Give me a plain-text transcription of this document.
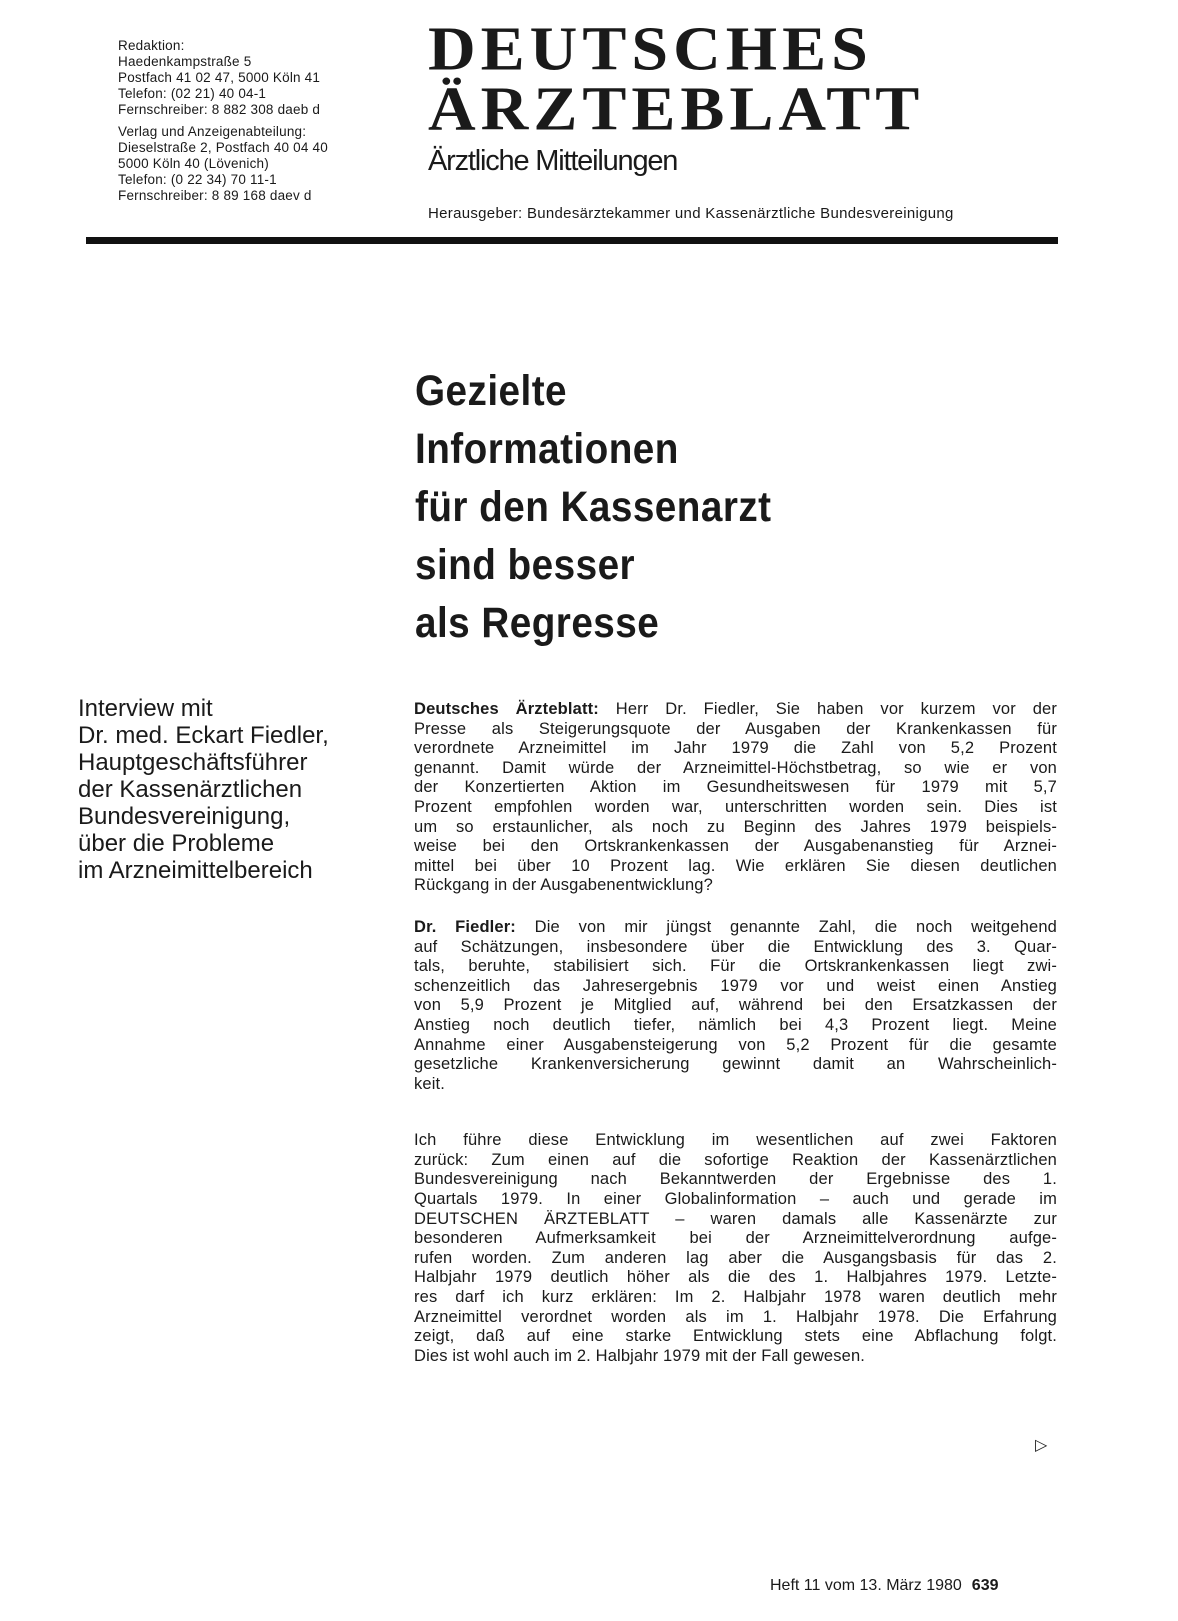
Redaktion:
Haedenkampstraße 5
Postfach 41 02 47, 5000 Köln 41
Telefon: (02 21) 40 04-1
Fernschreiber: 8 882 308 daeb d
Verlag und Anzeigenabteilung:
Dieselstraße 2, Postfach 40 04 40
5000 Köln 40 (Lövenich)
Telefon: (0 22 34) 70 11-1
Fernschreiber: 8 89 168 daev d
DEUTSCHES
ÄRZTEBLATT
Ärztliche Mitteilungen
Herausgeber: Bundesärztekammer und Kassenärztliche Bundesvereinigung
Gezielte
Informationen
für den Kassenarzt
sind besser
als Regresse
Interview mit
Dr. med. Eckart Fiedler,
Hauptgeschäftsführer
der Kassenärztlichen
Bundesvereinigung,
über die Probleme
im Arzneimittelbereich
Deutsches Ärzteblatt: Herr Dr. Fiedler, Sie haben vor kurzem vor der
Presse als Steigerungsquote der Ausgaben der Krankenkassen für
verordnete Arzneimittel im Jahr 1979 die Zahl von 5,2 Prozent
genannt. Damit würde der Arzneimittel-Höchstbetrag, so wie er von
der Konzertierten Aktion im Gesundheitswesen für 1979 mit 5,7
Prozent empfohlen worden war, unterschritten worden sein. Dies ist
um so erstaunlicher, als noch zu Beginn des Jahres 1979 beispiels-
weise bei den Ortskrankenkassen der Ausgabenanstieg für Arznei-
mittel bei über 10 Prozent lag. Wie erklären Sie diesen deutlichen
Rückgang in der Ausgabenentwicklung?
Dr. Fiedler: Die von mir jüngst genannte Zahl, die noch weitgehend
auf Schätzungen, insbesondere über die Entwicklung des 3. Quar-
tals, beruhte, stabilisiert sich. Für die Ortskrankenkassen liegt zwi-
schenzeitlich das Jahresergebnis 1979 vor und weist einen Anstieg
von 5,9 Prozent je Mitglied auf, während bei den Ersatzkassen der
Anstieg noch deutlich tiefer, nämlich bei 4,3 Prozent liegt. Meine
Annahme einer Ausgabensteigerung von 5,2 Prozent für die gesamte
gesetzliche Krankenversicherung gewinnt damit an Wahrscheinlich-
keit.
Ich führe diese Entwicklung im wesentlichen auf zwei Faktoren
zurück: Zum einen auf die sofortige Reaktion der Kassenärztlichen
Bundesvereinigung nach Bekanntwerden der Ergebnisse des 1.
Quartals 1979. In einer Globalinformation – auch und gerade im
DEUTSCHEN ÄRZTEBLATT – waren damals alle Kassenärzte zur
besonderen Aufmerksamkeit bei der Arzneimittelverordnung aufge-
rufen worden. Zum anderen lag aber die Ausgangsbasis für das 2.
Halbjahr 1979 deutlich höher als die des 1. Halbjahres 1979. Letzte-
res darf ich kurz erklären: Im 2. Halbjahr 1978 waren deutlich mehr
Arzneimittel verordnet worden als im 1. Halbjahr 1978. Die Erfahrung
zeigt, daß auf eine starke Entwicklung stets eine Abflachung folgt.
Dies ist wohl auch im 2. Halbjahr 1979 mit der Fall gewesen.
▷
Heft 11 vom 13. März 1980 639
